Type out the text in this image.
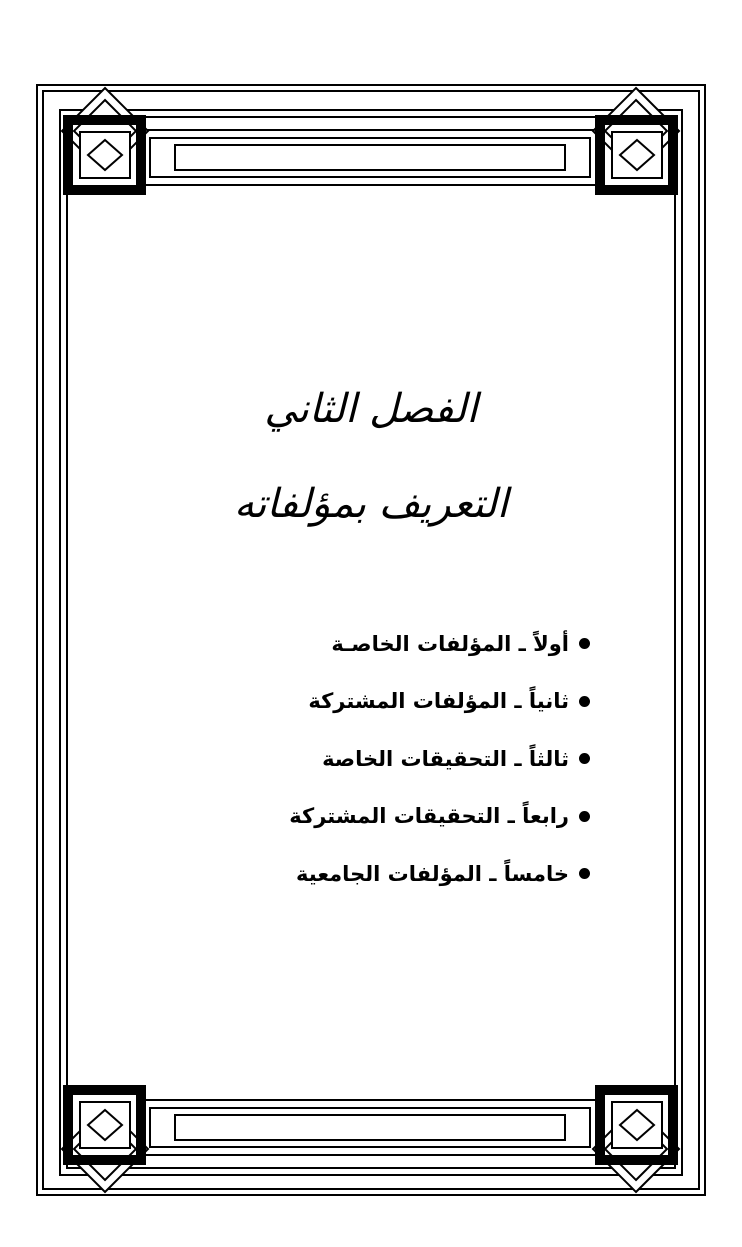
الفصل الثاني
التعريف بمؤلفاته
أولاً ـ المؤلفات الخاصـة
ثانياً ـ المؤلفات المشتركة
ثالثاً ـ التحقيقات الخاصة
رابعاً ـ التحقيقات المشتركة
خامساً ـ المؤلفات الجامعية
